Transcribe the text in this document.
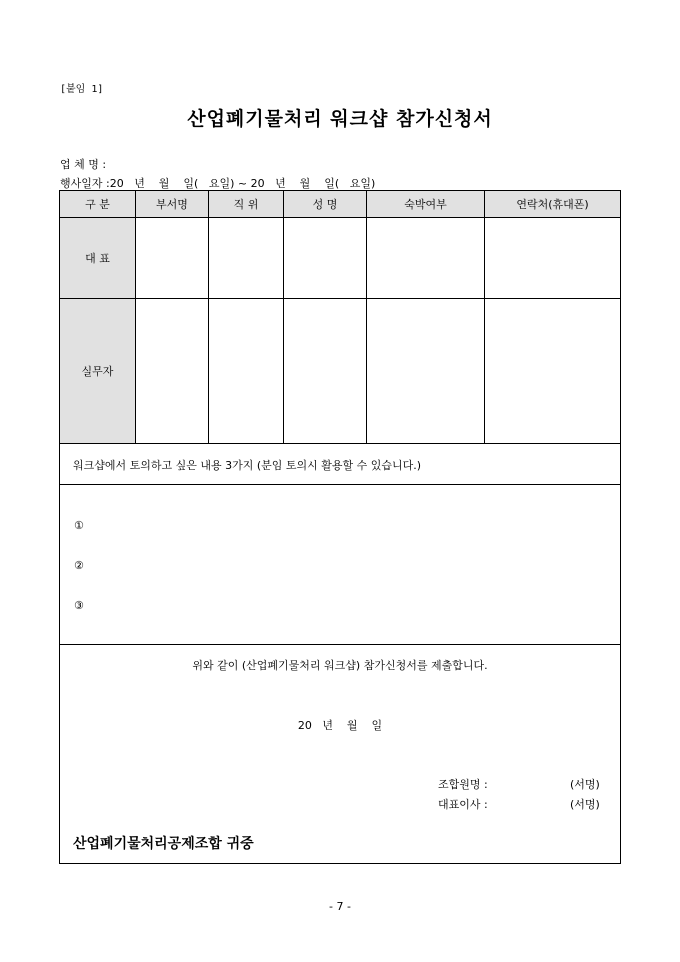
[붙임 1]
산업폐기물처리 워크샵 참가신청서
업 체 명 :
행사일자 :20   년    월    일(   요일) ~ 20   년    월    일(   요일)
구 분	부서명	직 위	성 명	숙박여부	연락처(휴대폰)
대 표					
실무자					
워크샵에서 토의하고 싶은 내용 3가지 (분임 토의시 활용할 수 있습니다.)
①
②
③
위와 같이 (산업폐기물처리 워크샵) 참가신청서를 제출합니다.
20   년    월    일
조합원명 :	(서명)
대표이사 :	(서명)
산업폐기물처리공제조합 귀중
- 7 -
